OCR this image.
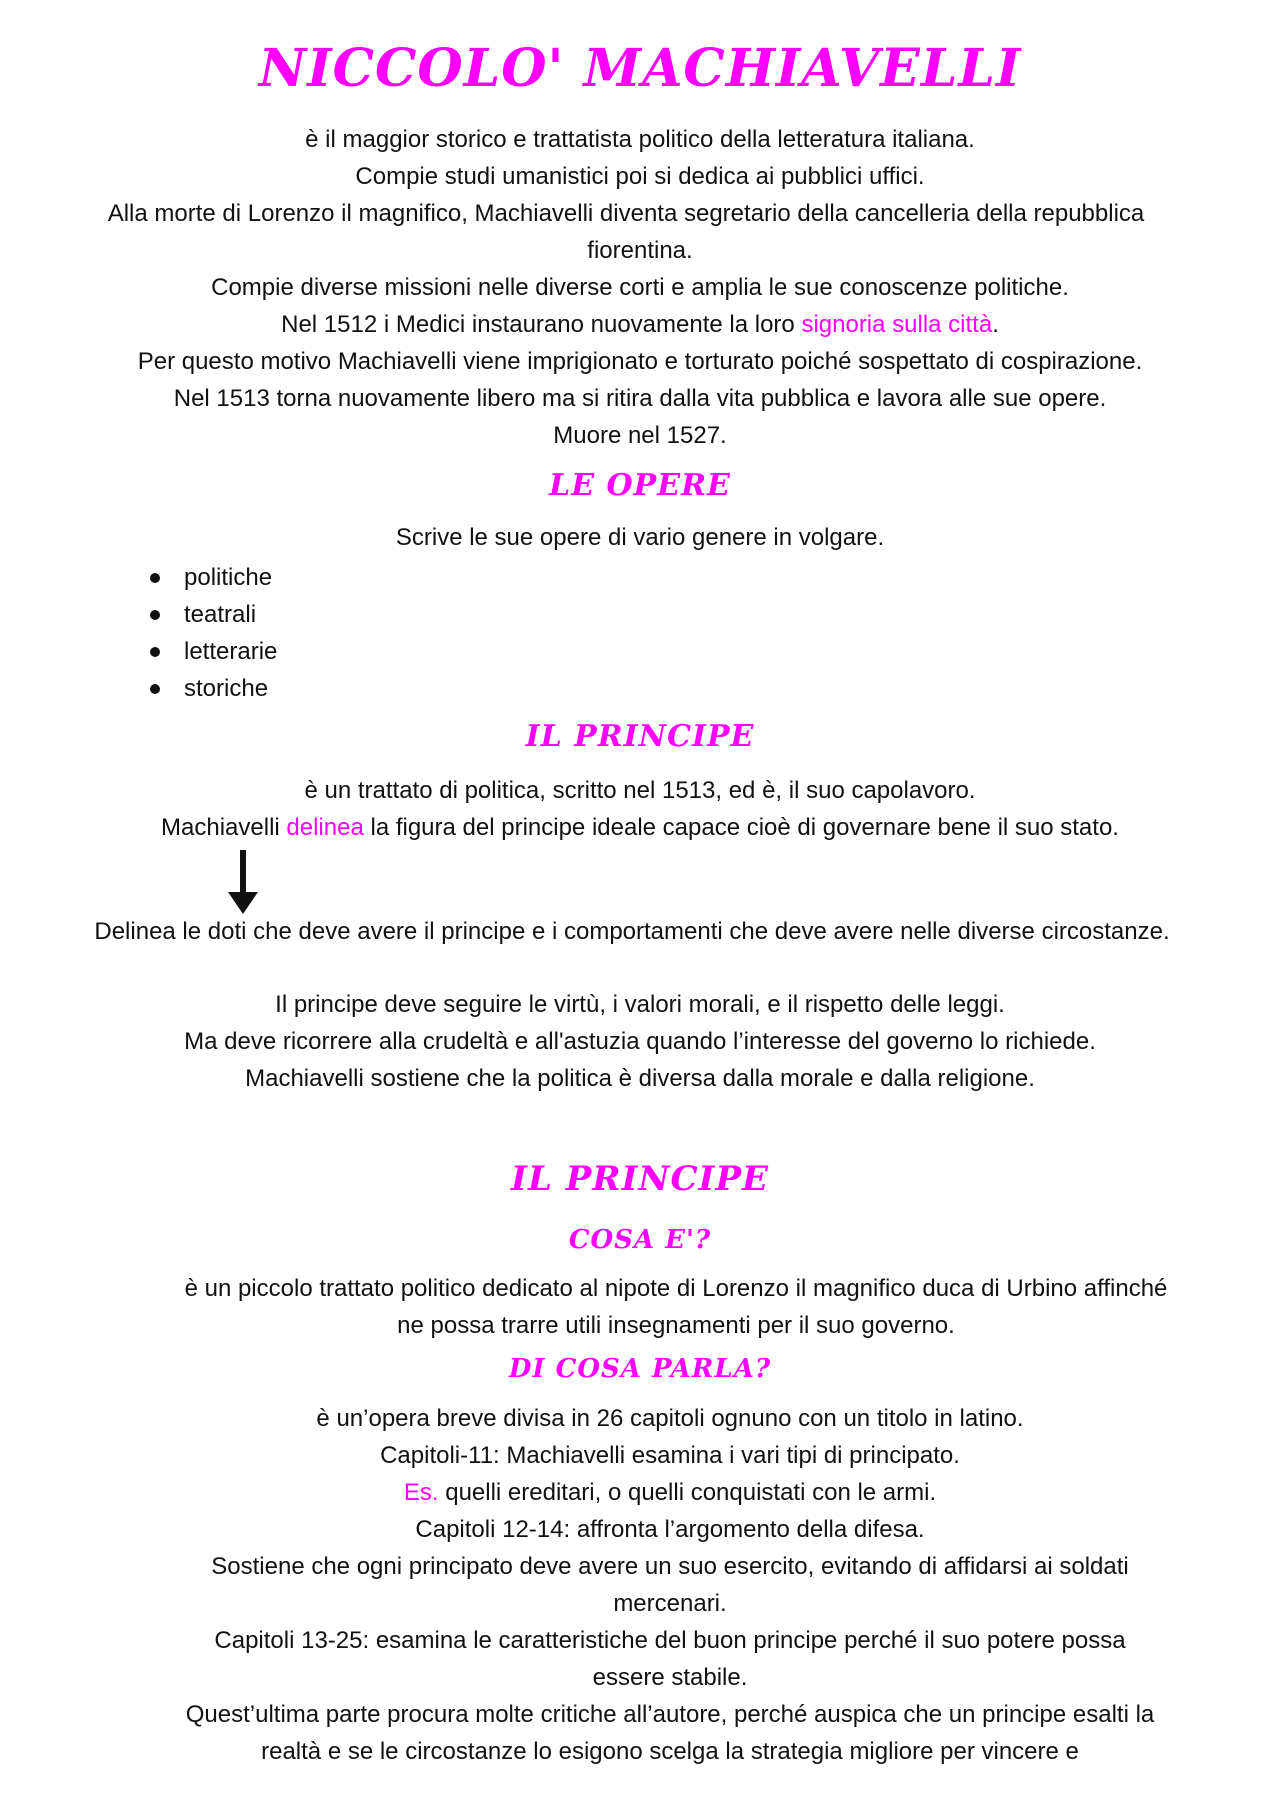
NICCOLO' MACHIAVELLI

è il maggior storico e trattatista politico della letteratura italiana.

Compie studi umanistici poi si dedica ai pubblici uffici.

Alla morte di Lorenzo il magnifico, Machiavelli diventa segretario della cancelleria della repubblica

fiorentina.

Compie diverse missioni nelle diverse corti e amplia le sue conoscenze politiche.

Nel 1512 i Medici instaurano nuovamente la loro signoria sulla città.

Per questo motivo Machiavelli viene imprigionato e torturato poiché sospettato di cospirazione.

Nel 1513 torna nuovamente libero ma si ritira dalla vita pubblica e lavora alle sue opere.

Muore nel 1527.

LE OPERE

Scrive le sue opere di vario genere in volgare.

politiche
teatrali
letterarie
storiche
IL PRINCIPE

è un trattato di politica, scritto nel 1513, ed è, il suo capolavoro.

Machiavelli delinea la figura del principe ideale capace cioè di governare bene il suo stato.

Delinea le doti che deve avere il principe e i comportamenti che deve avere nelle diverse circostanze.

Il principe deve seguire le virtù, i valori morali, e il rispetto delle leggi.

Ma deve ricorrere alla crudeltà e all'astuzia quando l’interesse del governo lo richiede.

Machiavelli sostiene che la politica è diversa dalla morale e dalla religione.

IL PRINCIPE
COSA E'?

è un piccolo trattato politico dedicato al nipote di Lorenzo il magnifico duca di Urbino affinché

ne possa trarre utili insegnamenti per il suo governo.

DI COSA PARLA?

è un’opera breve divisa in 26 capitoli ognuno con un titolo in latino.

Capitoli-11: Machiavelli esamina i vari tipi di principato.

Es. quelli ereditari, o quelli conquistati con le armi.

Capitoli 12-14: affronta l’argomento della difesa.

Sostiene che ogni principato deve avere un suo esercito, evitando di affidarsi ai soldati

mercenari.

Capitoli 13-25: esamina le caratteristiche del buon principe perché il suo potere possa

essere stabile.

Quest’ultima parte procura molte critiche all’autore, perché auspica che un principe esalti la

realtà e se le circostanze lo esigono scelga la strategia migliore per vincere e
